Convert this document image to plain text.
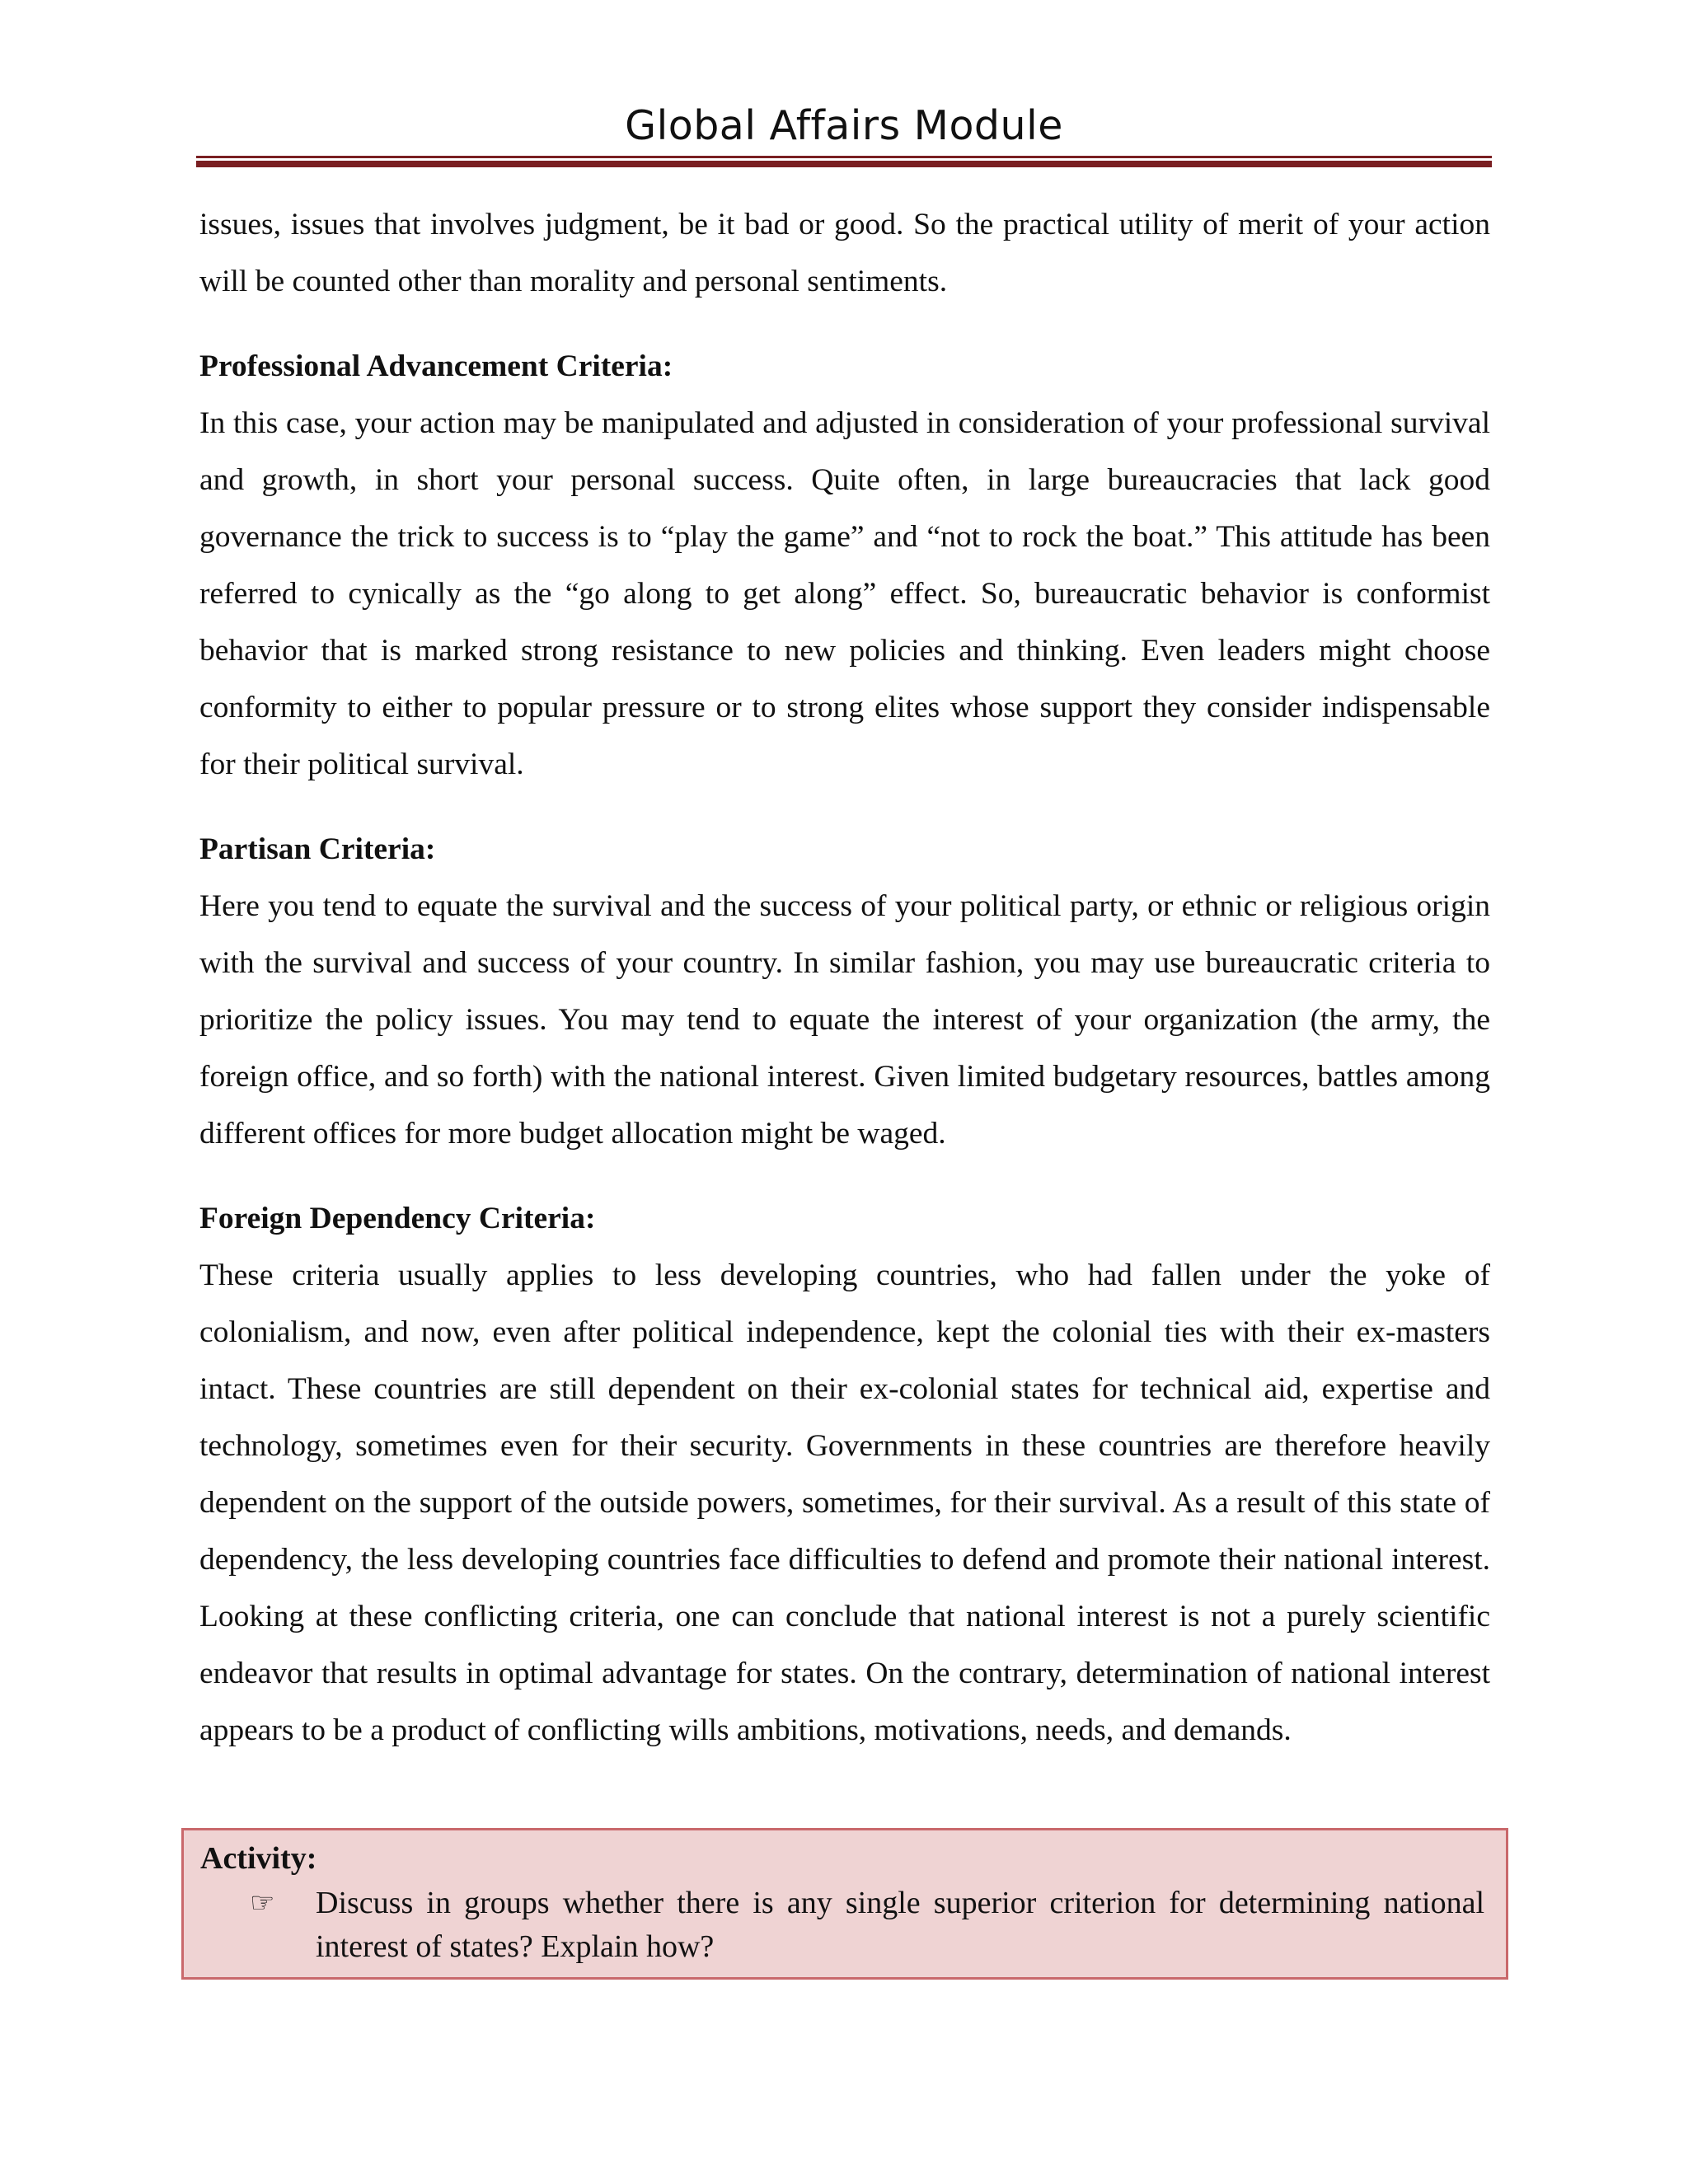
Global Affairs Module

issues, issues that involves judgment, be it bad or good. So the practical utility of merit of your action will be counted other than morality and personal sentiments.

Professional Advancement Criteria:

In this case, your action may be manipulated and adjusted in consideration of your professional survival and growth, in short your personal success. Quite often, in large bureaucracies that lack good governance the trick to success is to “play the game” and “not to rock the boat.” This attitude has been referred to cynically as the “go along to get along” effect. So, bureaucratic behavior is conformist behavior that is marked strong resistance to new policies and thinking. Even leaders might choose conformity to either to popular pressure or to strong elites whose support they consider indispensable for their political survival.

Partisan Criteria:

Here you tend to equate the survival and the success of your political party, or ethnic or religious origin with the survival and success of your country. In similar fashion, you may use bureaucratic criteria to prioritize the policy issues. You may tend to equate the interest of your organization (the army, the foreign office, and so forth) with the national interest. Given limited budgetary resources, battles among different offices for more budget allocation might be waged.

Foreign Dependency Criteria:

These criteria usually applies to less developing countries, who had fallen under the yoke of colonialism, and now, even after political independence, kept the colonial ties with their ex-masters intact. These countries are still dependent on their ex-colonial states for technical aid, expertise and technology, sometimes even for their security. Governments in these countries are therefore heavily dependent on the support of the outside powers, sometimes, for their survival. As a result of this state of dependency, the less developing countries face difficulties to defend and promote their national interest. Looking at these conflicting criteria, one can conclude that national interest is not a purely scientific endeavor that results in optimal advantage for states. On the contrary, determination of national interest appears to be a product of conflicting wills ambitions, motivations, needs, and demands.

Activity:
☞	Discuss in groups whether there is any single superior criterion for determining national interest of states? Explain how?
